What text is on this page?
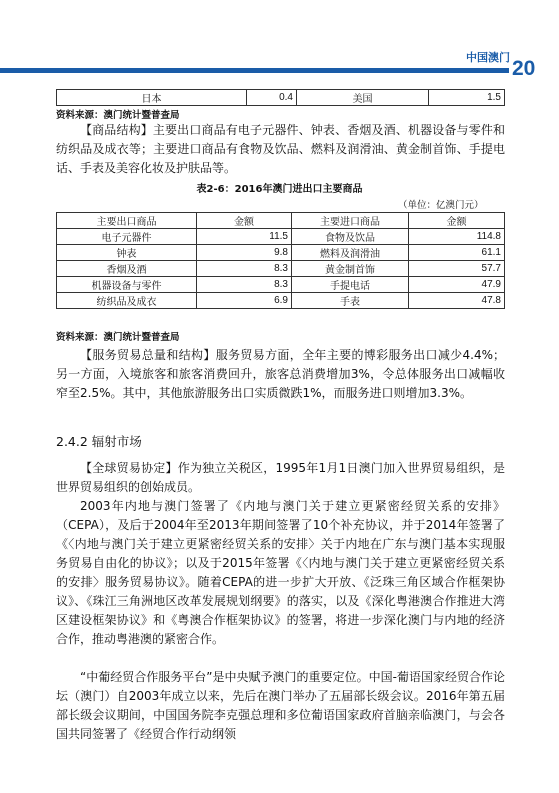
中国澳门 20
日本	0.4	美国	1.5
资料来源：澳门统计暨普查局

【商品结构】主要出口商品有电子元器件、钟表、香烟及酒、机器设备与零件和纺织品及成衣等；主要进口商品有食物及饮品、燃料及润滑油、黄金制首饰、手提电话、手表及美容化妆及护肤品等。

表2-6：2016年澳门进出口主要商品
（单位：亿澳门元）
主要出口商品	金额	主要进口商品	金额
电子元器件	11.5	食物及饮品	114.8
钟表	9.8	燃料及润滑油	61.1
香烟及酒	8.3	黄金制首饰	57.7
机器设备与零件	8.3	手提电话	47.9
纺织品及成衣	6.9	手表	47.8
资料来源：澳门统计暨普查局

【服务贸易总量和结构】服务贸易方面，全年主要的博彩服务出口减少4.4%；另一方面，入境旅客和旅客消费回升，旅客总消费增加3%，令总体服务出口减幅收窄至2.5%。其中，其他旅游服务出口实质微跌1%，而服务进口则增加3.3%。

2.4.2 辐射市场

【全球贸易协定】作为独立关税区，1995年1月1日澳门加入世界贸易组织，是世界贸易组织的创始成员。

2003年内地与澳门签署了《内地与澳门关于建立更紧密经贸关系的安排》（CEPA），及后于2004年至2013年期间签署了10个补充协议，并于2014年签署了《〈内地与澳门关于建立更紧密经贸关系的安排〉关于内地在广东与澳门基本实现服务贸易自由化的协议》；以及于2015年签署《〈内地与澳门关于建立更紧密经贸关系的安排〉服务贸易协议》。随着CEPA的进一步扩大开放、《泛珠三角区域合作框架协议》、《珠江三角洲地区改革发展规划纲要》的落实，以及《深化粤港澳合作推进大湾区建设框架协议》和《粤澳合作框架协议》的签署，将进一步深化澳门与内地的经济合作，推动粤港澳的紧密合作。

“中葡经贸合作服务平台”是中央赋予澳门的重要定位。中国-葡语国家经贸合作论坛（澳门）自2003年成立以来，先后在澳门举办了五届部长级会议。2016年第五届部长级会议期间，中国国务院李克强总理和多位葡语国家政府首脑亲临澳门，与会各国共同签署了《经贸合作行动纲领
